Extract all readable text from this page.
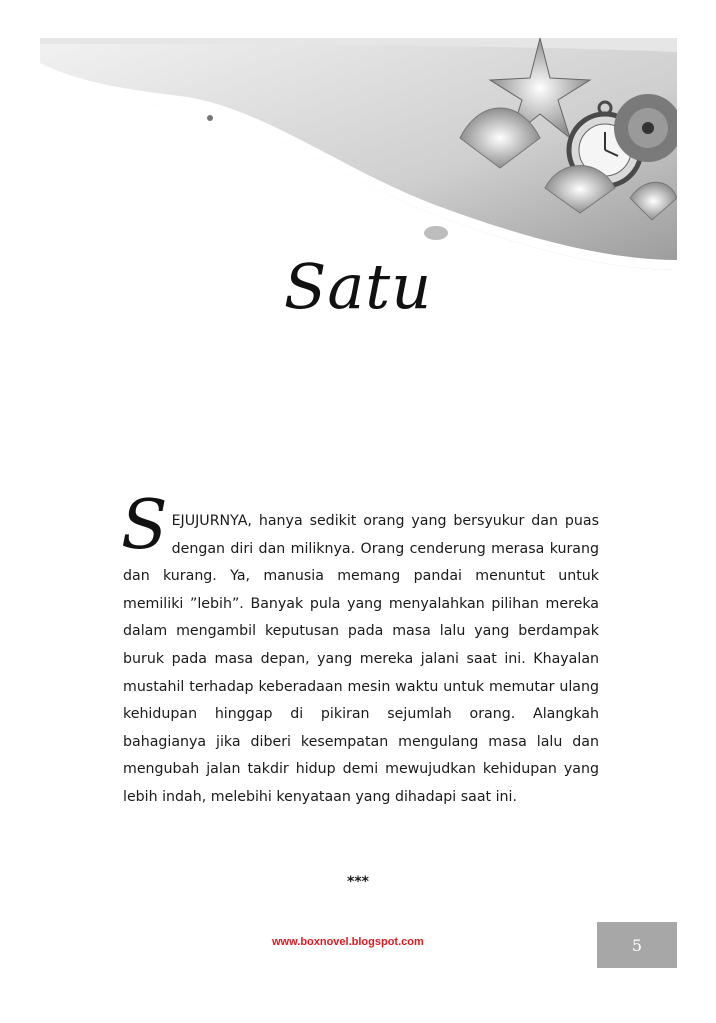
Satu
S EJUJURNYA, hanya sedikit orang yang bersyukur dan puas dengan diri dan miliknya. Orang cenderung merasa kurang dan kurang. Ya, manusia memang pandai menuntut untuk memiliki ”lebih”. Banyak pula yang menyalahkan pilihan mereka dalam mengambil keputusan pada masa lalu yang berdampak buruk pada masa depan, yang mereka jalani saat ini. Khayalan mustahil terhadap keberadaan mesin waktu untuk memutar ulang kehidupan hinggap di pikiran sejumlah orang. Alangkah bahagianya jika diberi kesempatan mengulang masa lalu dan mengubah jalan takdir hidup demi mewujudkan kehidupan yang lebih indah, melebihi kenyataan yang dihadapi saat ini.
***
www.boxnovel.blogspot.com	5
